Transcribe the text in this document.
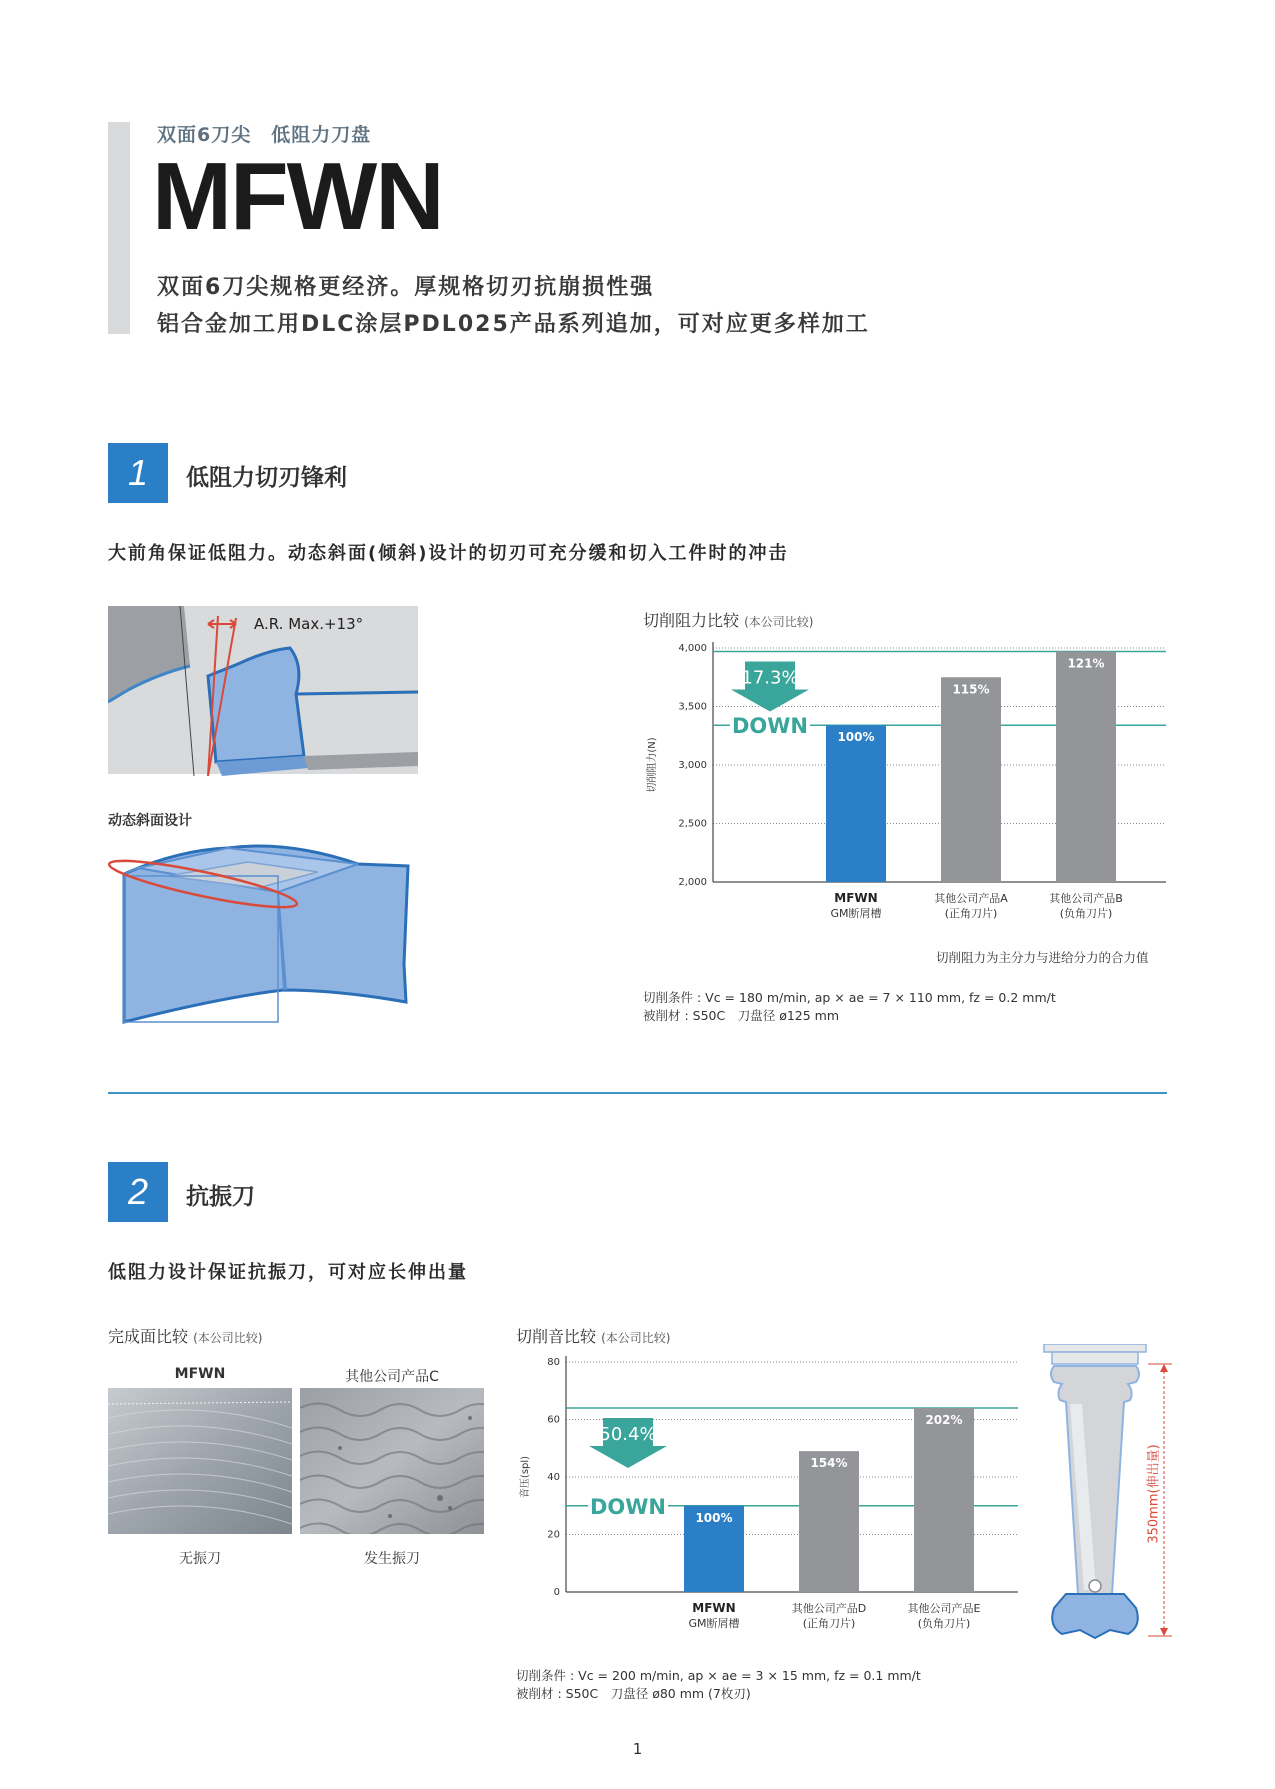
双面6刀尖　低阻力刀盘
MFWN
双面6刀尖规格更经济。厚规格切刃抗崩损性强
铝合金加工用DLC涂层PDL025产品系列追加，可对应更多样加工
1	低阻力切刃锋利
大前角保证低阻力。动态斜面(倾斜)设计的切刃可充分缓和切入工件时的冲击
A.R. Max.+13°
动态斜面设计
切削阻力比较 (本公司比较)
2,000
2,500
3,000
3,500
4,000
切削阻力(N)
100%
MFWN
GM断屑槽
115%
其他公司产品A
(正角刀片)
121%
其他公司产品B
(负角刀片)
17.3%
DOWN
切削阻力为主分力与进给分力的合力值
切削条件 : Vc = 180 m/min, ap × ae = 7 × 110 mm, fz = 0.2 mm/t
被削材 : S50C　刀盘径 ø125 mm
2	抗振刀
低阻力设计保证抗振刀，可对应长伸出量
完成面比较 (本公司比较)
MFWN	其他公司产品C
无振刀	发生振刀
切削音比较 (本公司比较)
0
20
40
60
80
音压(spl)
100%
MFWN
GM断屑槽
154%
其他公司产品D
(正角刀片)
202%
其他公司产品E
(负角刀片)
50.4%
DOWN	350mm(伸出量)
切削条件 : Vc = 200 m/min, ap × ae = 3 × 15 mm, fz = 0.1 mm/t
被削材 : S50C　刀盘径 ø80 mm (7枚刃)
1
